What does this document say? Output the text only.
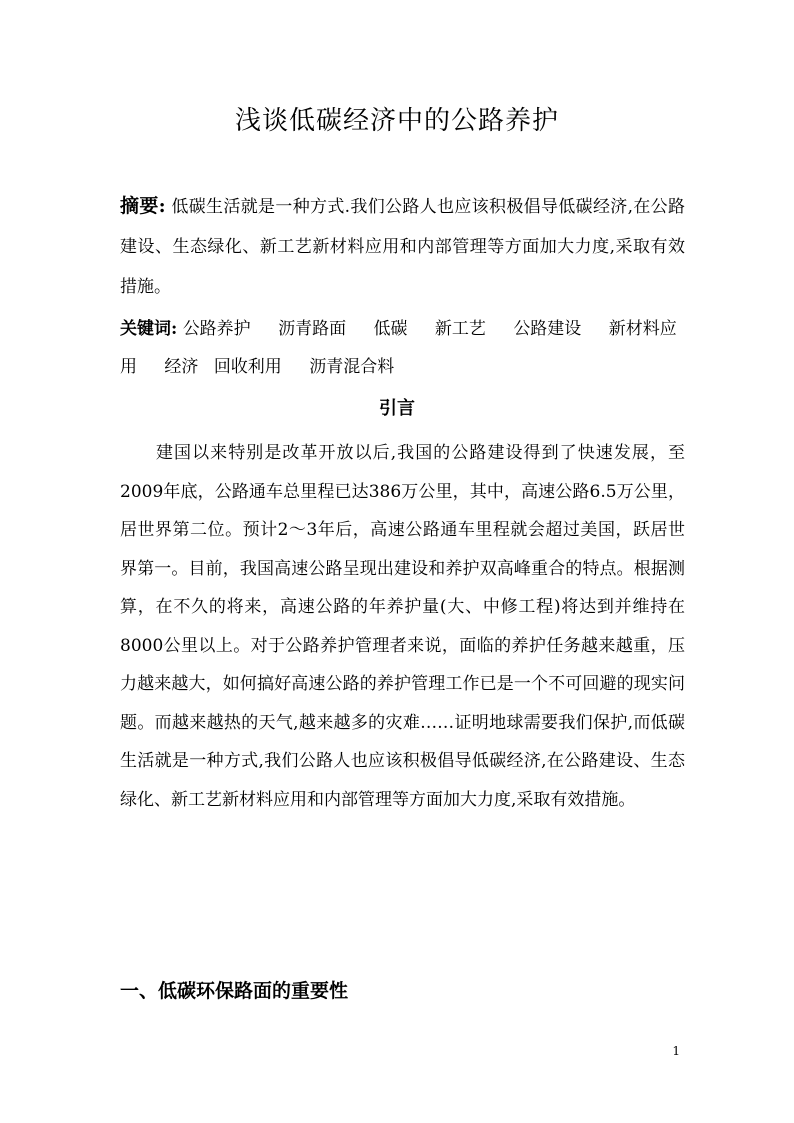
浅谈低碳经济中的公路养护
摘要: 低碳生活就是一种方式.我们公路人也应该积极倡导低碳经济,在公路建设、生态绿化、新工艺新材料应用和内部管理等方面加大力度,采取有效措施。
关键词: 公路养护 沥青路面 低碳 新工艺 公路建设 新材料应用 经济 回收利用 沥青混合料
引言
建国以来特别是改革开放以后,我国的公路建设得到了快速发展，至2009年底，公路通车总里程已达386万公里，其中，高速公路6.5万公里，居世界第二位。预计2～3年后，高速公路通车里程就会超过美国，跃居世界第一。目前，我国高速公路呈现出建设和养护双高峰重合的特点。根据测算，在不久的将来，高速公路的年养护量(大、中修工程)将达到并维持在8000公里以上。对于公路养护管理者来说，面临的养护任务越来越重，压力越来越大，如何搞好高速公路的养护管理工作已是一个不可回避的现实问题。而越来越热的天气,越来越多的灾难……证明地球需要我们保护,而低碳生活就是一种方式,我们公路人也应该积极倡导低碳经济,在公路建设、生态绿化、新工艺新材料应用和内部管理等方面加大力度,采取有效措施。
一、低碳环保路面的重要性
1
